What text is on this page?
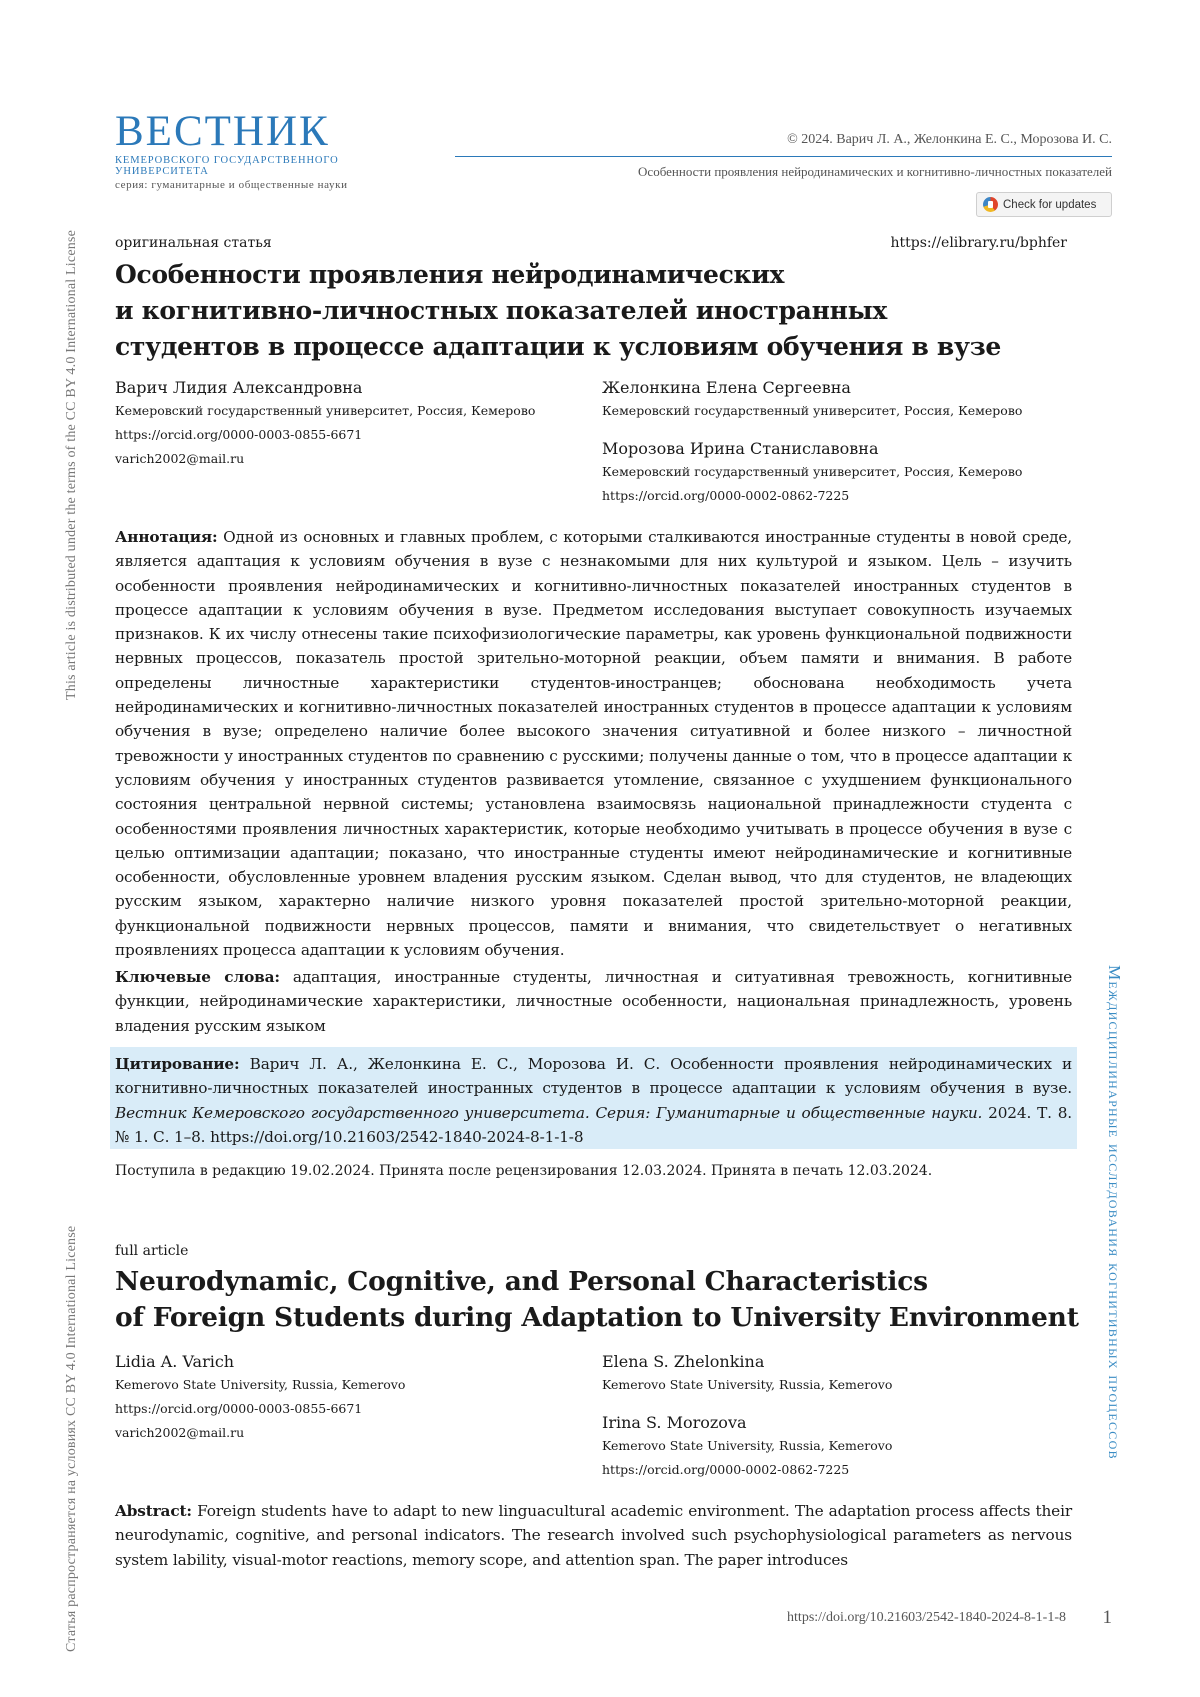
This article is distributed under the terms of the CC BY 4.0 International License
Статья распространяется на условиях CC BY 4.0 International License	Междисциплинарные исследования когнитивных процессов
ВЕСТНИК
КЕМЕРОВСКОГО ГОСУДАРСТВЕННОГО УНИВЕРСИТЕТА
серия: гуманитарные и общественные науки
© 2024. Варич Л. А., Желонкина Е. С., Морозова И. С.
Особенности проявления нейродинамических и когнитивно-личностных показателей
Check for updates
оригинальная статья	https://elibrary.ru/bphfer
Особенности проявления нейродинамических
и когнитивно-личностных показателей иностранных
студентов в процессе адаптации к условиям обучения в вузе
Варич Лидия Александровна
Кемеровский государственный университет, Россия, Кемерово
https://orcid.org/0000-0003-0855-6671
varich2002@mail.ru
Желонкина Елена Сергеевна
Кемеровский государственный университет, Россия, Кемерово
Морозова Ирина Станиславовна
Кемеровский государственный университет, Россия, Кемерово
https://orcid.org/0000-0002-0862-7225
Аннотация: Одной из основных и главных проблем, с которыми сталкиваются иностранные студенты в новой среде, является адаптация к условиям обучения в вузе с незнакомыми для них культурой и языком. Цель – изучить особенности проявления нейродинамических и когнитивно-личностных показателей иностранных студентов в процессе адаптации к условиям обучения в вузе. Предметом исследования выступает совокупность изучаемых признаков. К их числу отнесены такие психофизиологические параметры, как уровень функциональной подвижности нервных процессов, показатель простой зрительно-моторной реакции, объем памяти и внимания. В работе определены личностные характеристики студентов-иностранцев; обоснована необходимость учета нейродинамических и когнитивно-личностных показателей иностранных студентов в процессе адаптации к условиям обучения в вузе; определено наличие более высокого значения ситуативной и более низкого – личностной тревожности у иностранных студентов по сравнению с русскими; получены данные о том, что в процессе адаптации к условиям обучения у иностранных студентов развивается утомление, связанное с ухудшением функционального состояния центральной нервной системы; установлена взаимосвязь национальной принадлежности студента с особенностями проявления личностных характеристик, которые необходимо учитывать в процессе обучения в вузе с целью оптимизации адаптации; показано, что иностранные студенты имеют нейродинамические и когнитивные особенности, обусловленные уровнем владения русским языком. Сделан вывод, что для студентов, не владеющих русским языком, характерно наличие низкого уровня показателей простой зрительно-моторной реакции, функциональной подвижности нервных процессов, памяти и внимания, что свидетельствует о негативных проявлениях процесса адаптации к условиям обучения.
Ключевые слова: адаптация, иностранные студенты, личностная и ситуативная тревожность, когнитивные функции, нейродинамические характеристики, личностные особенности, национальная принадлежность, уровень владения русским языком
Цитирование: Варич Л. А., Желонкина Е. С., Морозова И. С. Особенности проявления нейродинамических и когнитивно-личностных показателей иностранных студентов в процессе адаптации к условиям обучения в вузе. Вестник Кемеровского государственного университета. Серия: Гуманитарные и общественные науки. 2024. Т. 8. № 1. С. 1–8. https://doi.org/10.21603/2542-1840-2024-8-1-1-8
Поступила в редакцию 19.02.2024. Принята после рецензирования 12.03.2024. Принята в печать 12.03.2024.
full article
Neurodynamic, Cognitive, and Personal Characteristics
of Foreign Students during Adaptation to University Environment
Lidia A. Varich
Kemerovo State University, Russia, Kemerovo
https://orcid.org/0000-0003-0855-6671
varich2002@mail.ru
Elena S. Zhelonkina
Kemerovo State University, Russia, Kemerovo
Irina S. Morozova
Kemerovo State University, Russia, Kemerovo
https://orcid.org/0000-0002-0862-7225
Abstract: Foreign students have to adapt to new linguacultural academic environment. The adaptation process affects their neurodynamic, cognitive, and personal indicators. The research involved such psychophysiological parameters as nervous system lability, visual-motor reactions, memory scope, and attention span. The paper introduces
https://doi.org/10.21603/2542-1840-2024-8-1-1-8 1
